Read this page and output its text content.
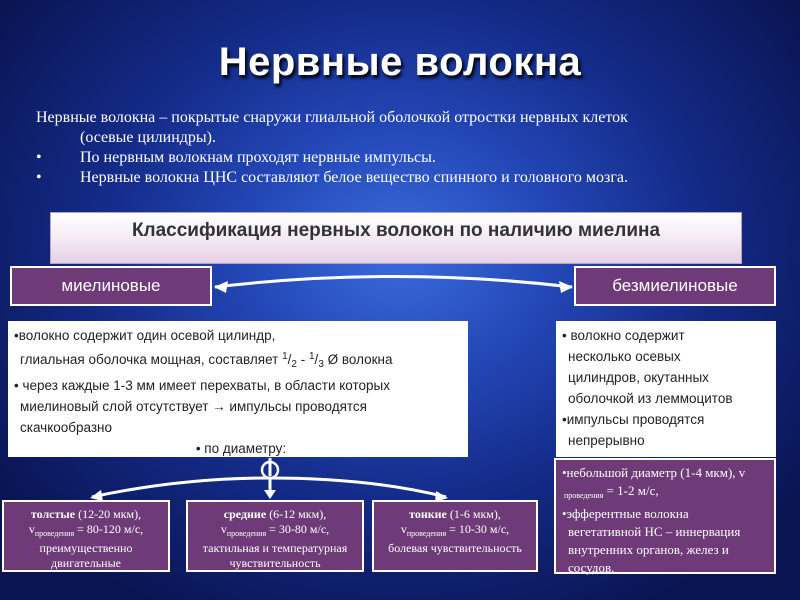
Нервные волокна
Нервные волокна – покрытые снаружи глиальной оболочкой отростки нервных клеток
(осевые цилиндры).
• По нервным волокнам проходят нервные импульсы.
• Нервные волокна ЦНС составляют белое вещество спинного и головного мозга.
Классификация нервных волокон по наличию миелина
миелиновые	безмиелиновые
•волокно содержит один осевой цилиндр,
глиальная оболочка мощная, составляет $^1/_2 - ^1/_3$ Ø волокна
• через каждые 1-3 мм имеет перехваты, в области которых
миелиновый слой отсутствует → импульсы проводятся
скачкообразно
• по диаметру:
• волокно содержит
несколько осевых
цилиндров, окутанных
оболочкой из леммоцитов
•импульсы проводятся
непрерывно
толстые (12-20 мкм),
$v_{проведения} = 80-120$ м/с,
преимущественно
двигательные
средние (6-12 мкм),
$v_{проведения} = 30-80$ м/с,
тактильная и температурная
чувствительность
тонкие (1-6 мкм),
$v_{проведения} = 10-30$ м/с,
болевая чувствительность
•небольшой диаметр (1-4 мкм), v
$_{проведения}$ = 1-2 м/с,
•эфферентные волокна
вегетативной НС – иннервация
внутренних органов, желез и
сосудов.
